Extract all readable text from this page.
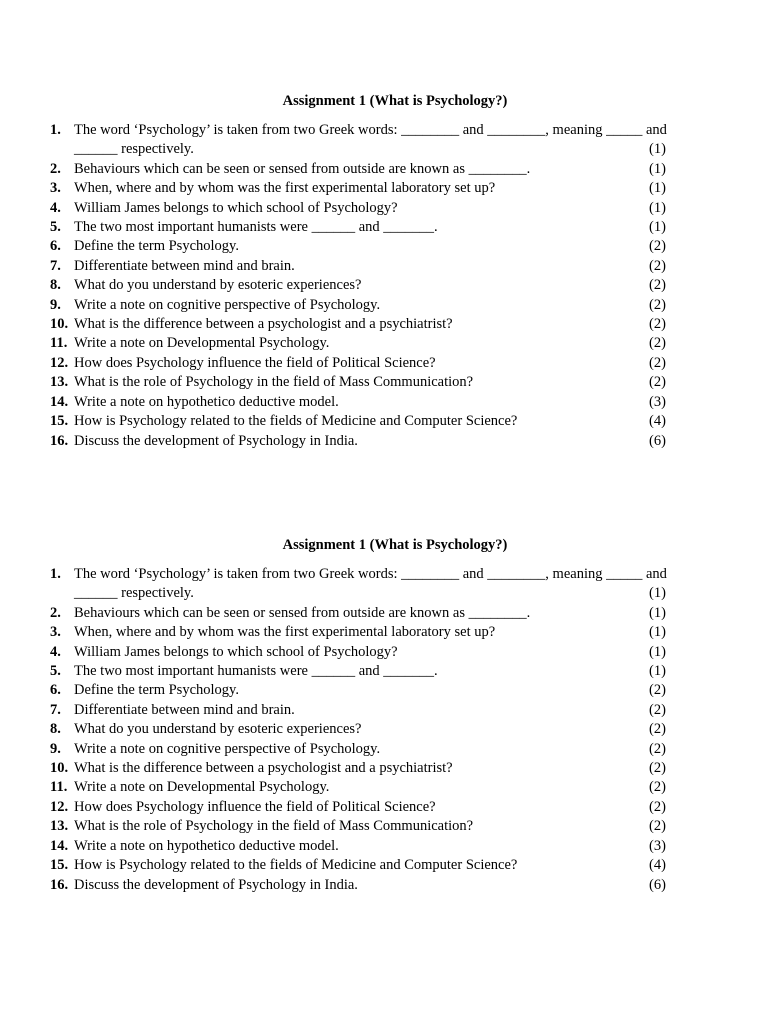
Assignment 1 (What is Psychology?)
1. The word ‘Psychology’ is taken from two Greek words: ________ and ________, meaning _____ and
______ respectively.	(1)
2. Behaviours which can be seen or sensed from outside are known as ________.	(1)
3. When, where and by whom was the first experimental laboratory set up?	(1)
4. William James belongs to which school of Psychology?	(1)
5. The two most important humanists were ______ and _______.	(1)
6. Define the term Psychology.	(2)
7. Differentiate between mind and brain.	(2)
8. What do you understand by esoteric experiences?	(2)
9. Write a note on cognitive perspective of Psychology.	(2)
10. What is the difference between a psychologist and a psychiatrist?	(2)
11. Write a note on Developmental Psychology.	(2)
12. How does Psychology influence the field of Political Science?	(2)
13. What is the role of Psychology in the field of Mass Communication?	(2)
14. Write a note on hypothetico deductive model.	(3)
15. How is Psychology related to the fields of Medicine and Computer Science?	(4)
16. Discuss the development of Psychology in India.	(6)
Assignment 1 (What is Psychology?)
1. The word ‘Psychology’ is taken from two Greek words: ________ and ________, meaning _____ and
______ respectively.	(1)
2. Behaviours which can be seen or sensed from outside are known as ________.	(1)
3. When, where and by whom was the first experimental laboratory set up?	(1)
4. William James belongs to which school of Psychology?	(1)
5. The two most important humanists were ______ and _______.	(1)
6. Define the term Psychology.	(2)
7. Differentiate between mind and brain.	(2)
8. What do you understand by esoteric experiences?	(2)
9. Write a note on cognitive perspective of Psychology.	(2)
10. What is the difference between a psychologist and a psychiatrist?	(2)
11. Write a note on Developmental Psychology.	(2)
12. How does Psychology influence the field of Political Science?	(2)
13. What is the role of Psychology in the field of Mass Communication?	(2)
14. Write a note on hypothetico deductive model.	(3)
15. How is Psychology related to the fields of Medicine and Computer Science?	(4)
16. Discuss the development of Psychology in India.	(6)
